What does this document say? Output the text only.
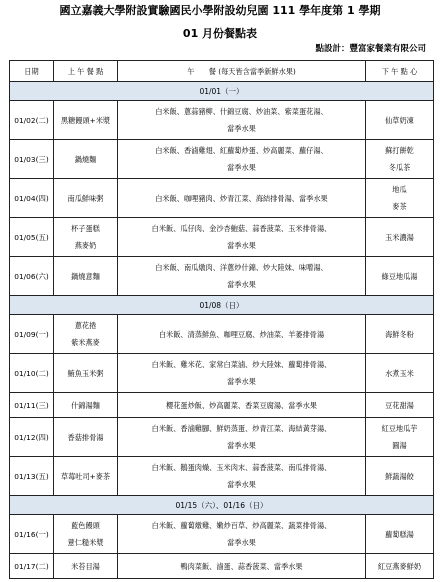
國立嘉義大學附設實驗國民小學附設幼兒園 111 學年度第 1 學期
01 月份餐點表
點設計：豐富家餐業有限公司
日期	上 午 餐 點	午　　餐 (每天皆含當季新鮮水果)	下 午 點 心
01/01（一）			
01/02(二)	黑糖饅頭+米漿	白米飯、蔥蒜豬柳、什錦豆腐、炒油菜、紫菜蛋花湯、
當季水果	仙草奶凍

01/03(三)	鍋燒麵	白米飯、香滷雞翅、紅蘿蔔炒蛋、炒高麗菜、蘿仔湯、
當季水果	蘇打餅乾
冬瓜茶

01/04(四)	南瓜鮮味粥	白米飯、咖哩豬肉、炒青江菜、海結排骨湯、當季水果	地瓜
麥茶

01/05(五)	杯子蛋糕
燕麥奶	白米飯、瓜仔肉、金沙杏鮑菇、蒜香菠菜、玉米排骨湯、
當季水果	玉米濃湯

01/06(六)	鍋燒意麵	白米飯、南瓜燉肉、洋蔥炒什錦、炒大陸妹、味噌湯、
當季水果	綠豆地瓜湯

01/08（日）			
01/09(一)	蔥花捲
紫米燕麥	白米飯、清蒸鮮魚、咖哩豆腐、炒油菜、羊萎排骨湯	海鮮冬粉

01/10(二)	鮪魚玉米粥	白米飯、雞米花、家常白菜滷、炒大陸妹、蘿蔔排骨湯、
當季水果	水煮玉米

01/11(三)	什錦湯麵	櫻花蛋炒飯、炒高麗菜、香菜豆腐湯、當季水果	豆花甜湯

01/12(四)	香菇排骨湯	白米飯、香滷雞腳、鮮奶蒸蛋、炒青江菜、海結黃芽湯、
當季水果	紅豆地瓜芋
圓湯

01/13(五)	草莓吐司+麥茶	白米飯、鵝蛋肉燥、玉米肉末、蒜香菠菜、南瓜排骨湯、
當季水果	鮮蔬湯餃

01/15（六）、01/16（日）			
01/16(一)	藍色饅頭
薏仁糙米漿	白米飯、蘿蔔燉雞、嫩炒百草、炒高麗菜、蔬菜排骨湯、
當季水果	蘿蔔糕湯

01/17(二)	米苔目湯	鴨肉菜飯、滷蛋、蒜香菠菜、當季水果	紅豆燕麥鮮奶
